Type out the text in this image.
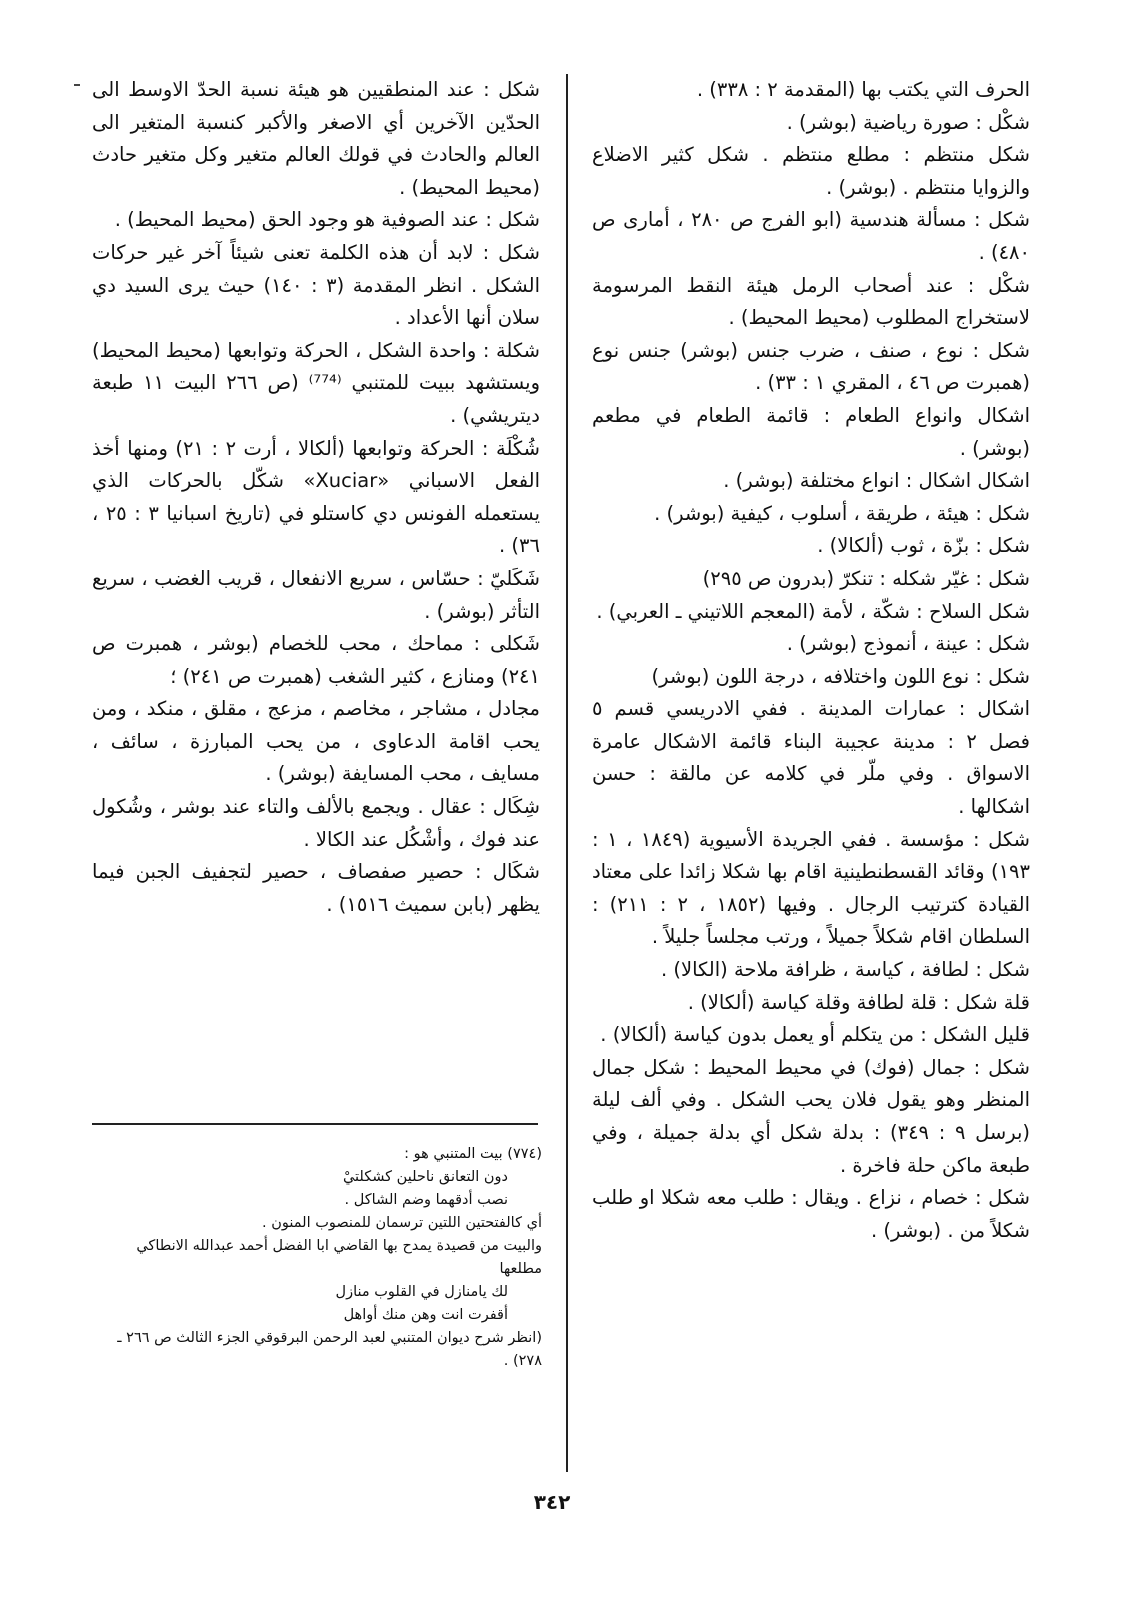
الحرف التي يكتب بها (المقدمة ٢ : ٣٣٨) .

شكْل : صورة رياضية (بوشر) .

شكل منتظم : مطلع منتظم . شكل كثير الاضلاع والزوايا منتظم . (بوشر) .

شكل : مسألة هندسية (ابو الفرج ص ٢٨٠ ، أمارى ص ٤٨٠) .

شكْل : عند أصحاب الرمل هيئة النقط المرسومة لاستخراج المطلوب (محيط المحيط) .

شكل : نوع ، صنف ، ضرب جنس (بوشر) جنس نوع (همبرت ص ٤٦ ، المقري ١ : ٣٣) .

اشكال وانواع الطعام : قائمة الطعام في مطعم (بوشر) .

اشكال اشكال : انواع مختلفة (بوشر) .

شكل : هيئة ، طريقة ، أسلوب ، كيفية (بوشر) .

شكل : بزّة ، ثوب (ألكالا) .

شكل : غيّر شكله : تنكرّ (بدرون ص ٢٩٥)

شكل السلاح : شكّة ، لأمة (المعجم اللاتيني ـ العربي) .

شكل : عينة ، أنموذج (بوشر) .

شكل : نوع اللون واختلافه ، درجة اللون (بوشر)

اشكال : عمارات المدينة . ففي الادريسي قسم ٥ فصل ٢ : مدينة عجيبة البناء قائمة الاشكال عامرة الاسواق . وفي ملّر في كلامه عن مالقة : حسن اشكالها .

شكل : مؤسسة . ففي الجريدة الأسيوية (١٨٤٩ ، ١ : ١٩٣) وقائد القسطنطينية اقام بها شكلا زائدا على معتاد القيادة كترتيب الرجال . وفيها (١٨٥٢ ، ٢ : ٢١١) : السلطان اقام شكلاً جميلاً ، ورتب مجلساً جليلاً .

شكل : لطافة ، كياسة ، ظرافة ملاحة (الكالا) .

قلة شكل : قلة لطافة وقلة كياسة (ألكالا) .

قليل الشكل : من يتكلم أو يعمل بدون كياسة (ألكالا) .

شكل : جمال (فوك) في محيط المحيط : شكل جمال المنظر وهو يقول فلان يحب الشكل . وفي ألف ليلة (برسل ٩ : ٣٤٩) : بدلة شكل أي بدلة جميلة ، وفي طبعة ماكن حلة فاخرة .

شكل : خصام ، نزاع . ويقال : طلب معه شكلا او طلب شكلاً من . (بوشر) .

شكل : عند المنطقيين هو هيئة نسبة الحدّ الاوسط الى الحدّين الآخرين أي الاصغر والأكبر كنسبة المتغير الى العالم والحادث في قولك العالم متغير وكل متغير حادث (محيط المحيط) .

شكل : عند الصوفية هو وجود الحق (محيط المحيط) .

شكل : لابد أن هذه الكلمة تعنى شيئاً آخر غير حركات الشكل . انظر المقدمة (٣ : ١٤٠) حيث يرى السيد دي سلان أنها الأعداد .

شكلة : واحدة الشكل ، الحركة وتوابعها (محيط المحيط) ويستشهد ببيت للمتنبي ⁽⁷⁷⁴⁾ (ص ٢٦٦ البيت ١١ طبعة ديتريشي) .

شُكْلَة : الحركة وتوابعها (ألكالا ، أرت ٢ : ٢١) ومنها أخذ الفعل الاسباني «Xuciar» شكّل بالحركات الذي يستعمله الفونس دي كاستلو في (تاريخ اسبانيا ٣ : ٢٥ ، ٣٦) .

شَكَليّ : حسّاس ، سريع الانفعال ، قريب الغضب ، سريع التأثر (بوشر) .

شَكلى : مماحك ، محب للخصام (بوشر ، همبرت ص ٢٤١) ومنازع ، كثير الشغب (همبرت ص ٢٤١) ؛

مجادل ، مشاجر ، مخاصم ، مزعج ، مقلق ، منكد ، ومن يحب اقامة الدعاوى ، من يحب المبارزة ، سائف ، مسايف ، محب المسايفة (بوشر) .

شِكَال : عقال . ويجمع بالألف والتاء عند بوشر ، وشُكول عند فوك ، وأشْكُل عند الكالا .

شكَال : حصير صفصاف ، حصير لتجفيف الجبن فيما يظهر (بابن سميث ١٥١٦) .

(٧٧٤) بيت المتنبي هو :

دون التعانق ناحلين كشكلتيْ

نصب أدقهما وضم الشاكل .

أي كالفتحتين اللتين ترسمان للمنصوب المنون .

والبيت من قصيدة يمدح بها القاضي ابا الفضل أحمد عبدالله الانطاكي مطلعها

لك يامنازل في القلوب منازل

أقفرت انت وهن منك أواهل

(انظر شرح ديوان المتنبي لعبد الرحمن البرقوقي الجزء الثالث ص ٢٦٦ ـ ٢٧٨) .

٣٤٢
